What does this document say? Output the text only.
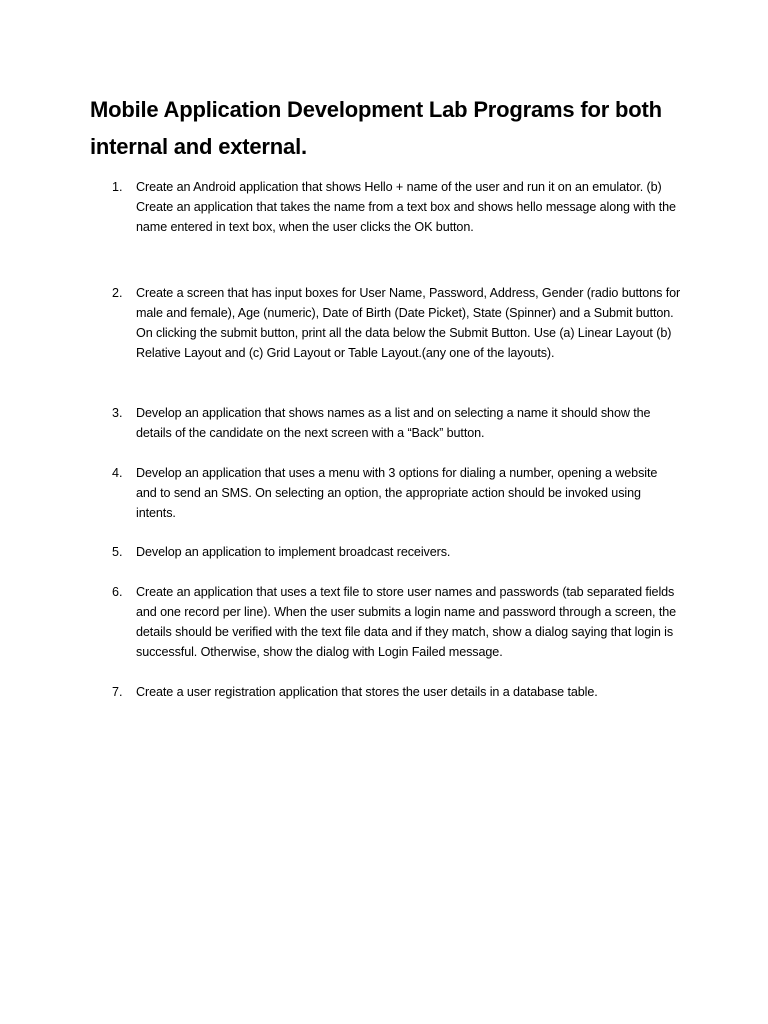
Mobile Application Development Lab Programs for both internal and external.
1.	Create an Android application that shows Hello + name of the user and run it on an emulator. (b) Create an application that takes the name from a text box and shows hello message along with the name entered in text box, when the user clicks the OK button.
2.	Create a screen that has input boxes for User Name, Password, Address, Gender (radio buttons for male and female), Age (numeric), Date of Birth (Date Picket), State (Spinner) and a Submit button. On clicking the submit button, print all the data below the Submit Button. Use (a) Linear Layout (b) Relative Layout and (c) Grid Layout or Table Layout.(any one of the layouts).
3.	Develop an application that shows names as a list and on selecting a name it should show the details of the candidate on the next screen with a “Back” button.
4.	Develop an application that uses a menu with 3 options for dialing a number, opening a website and to send an SMS. On selecting an option, the appropriate action should be invoked using intents.
5.	Develop an application to implement broadcast receivers.
6.	Create an application that uses a text file to store user names and passwords (tab separated fields and one record per line). When the user submits a login name and password through a screen, the details should be verified with the text file data and if they match, show a dialog saying that login is successful. Otherwise, show the dialog with Login Failed message.
7.	Create a user registration application that stores the user details in a database table.
